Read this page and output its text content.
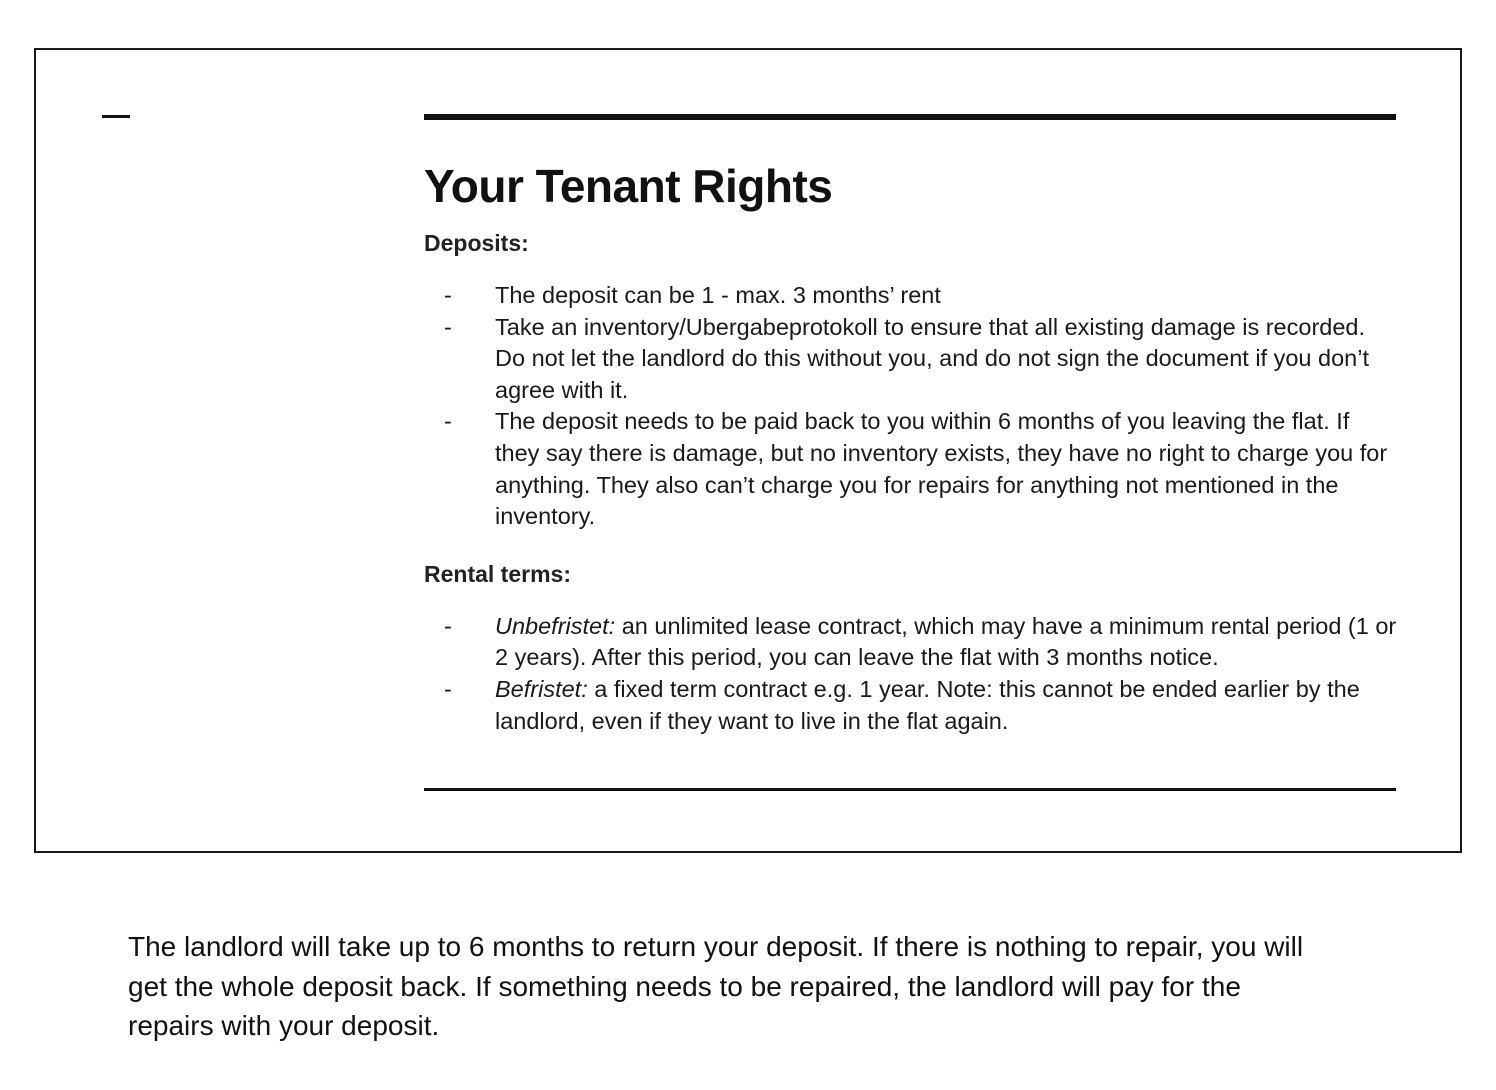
Your Tenant Rights

Deposits:

-	The deposit can be 1 - max. 3 months’ rent
-	Take an inventory/Ubergabeprotokoll to ensure that all existing damage is recorded. Do not let the landlord do this without you, and do not sign the document if you don’t agree with it.
-	The deposit needs to be paid back to you within 6 months of you leaving the flat. If they say there is damage, but no inventory exists, they have no right to charge you for anything. They also can’t charge you for repairs for anything not mentioned in the inventory.

Rental terms:

-	Unbefristet: an unlimited lease contract, which may have a minimum rental period (1 or 2 years). After this period, you can leave the flat with 3 months notice.
-	Befristet: a fixed term contract e.g. 1 year. Note: this cannot be ended earlier by the landlord, even if they want to live in the flat again.

The landlord will take up to 6 months to return your deposit. If there is nothing to repair, you will get the whole deposit back. If something needs to be repaired, the landlord will pay for the repairs with your deposit.
